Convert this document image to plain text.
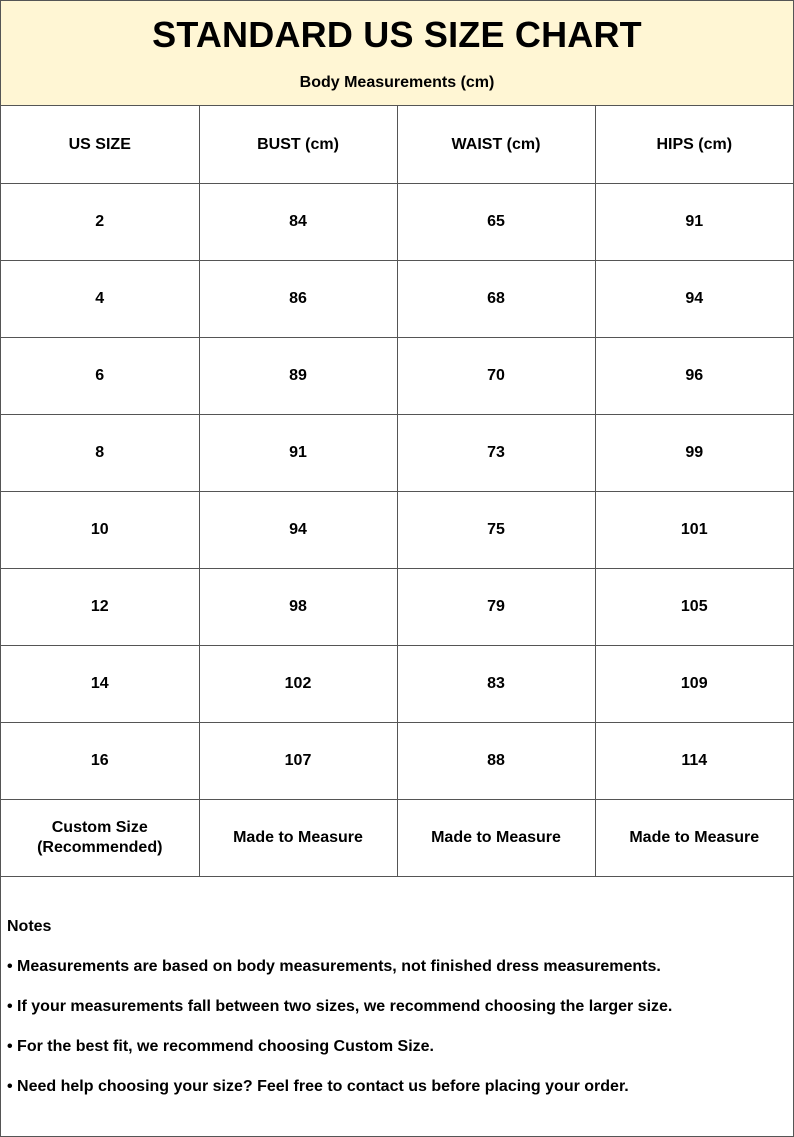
STANDARD US SIZE CHART
Body Measurements (cm)
US SIZE	BUST (cm)	WAIST (cm)	HIPS (cm)
2	84	65	91
4	86	68	94
6	89	70	96
8	91	73	99
10	94	75	101
12	98	79	105
14	102	83	109
16	107	88	114

Custom Size
(Recommended)	Made to Measure	Made to Measure	Made to Measure
Notes
• Measurements are based on body measurements, not finished dress measurements.
• If your measurements fall between two sizes, we recommend choosing the larger size.
• For the best fit, we recommend choosing Custom Size.
• Need help choosing your size? Feel free to contact us before placing your order.
